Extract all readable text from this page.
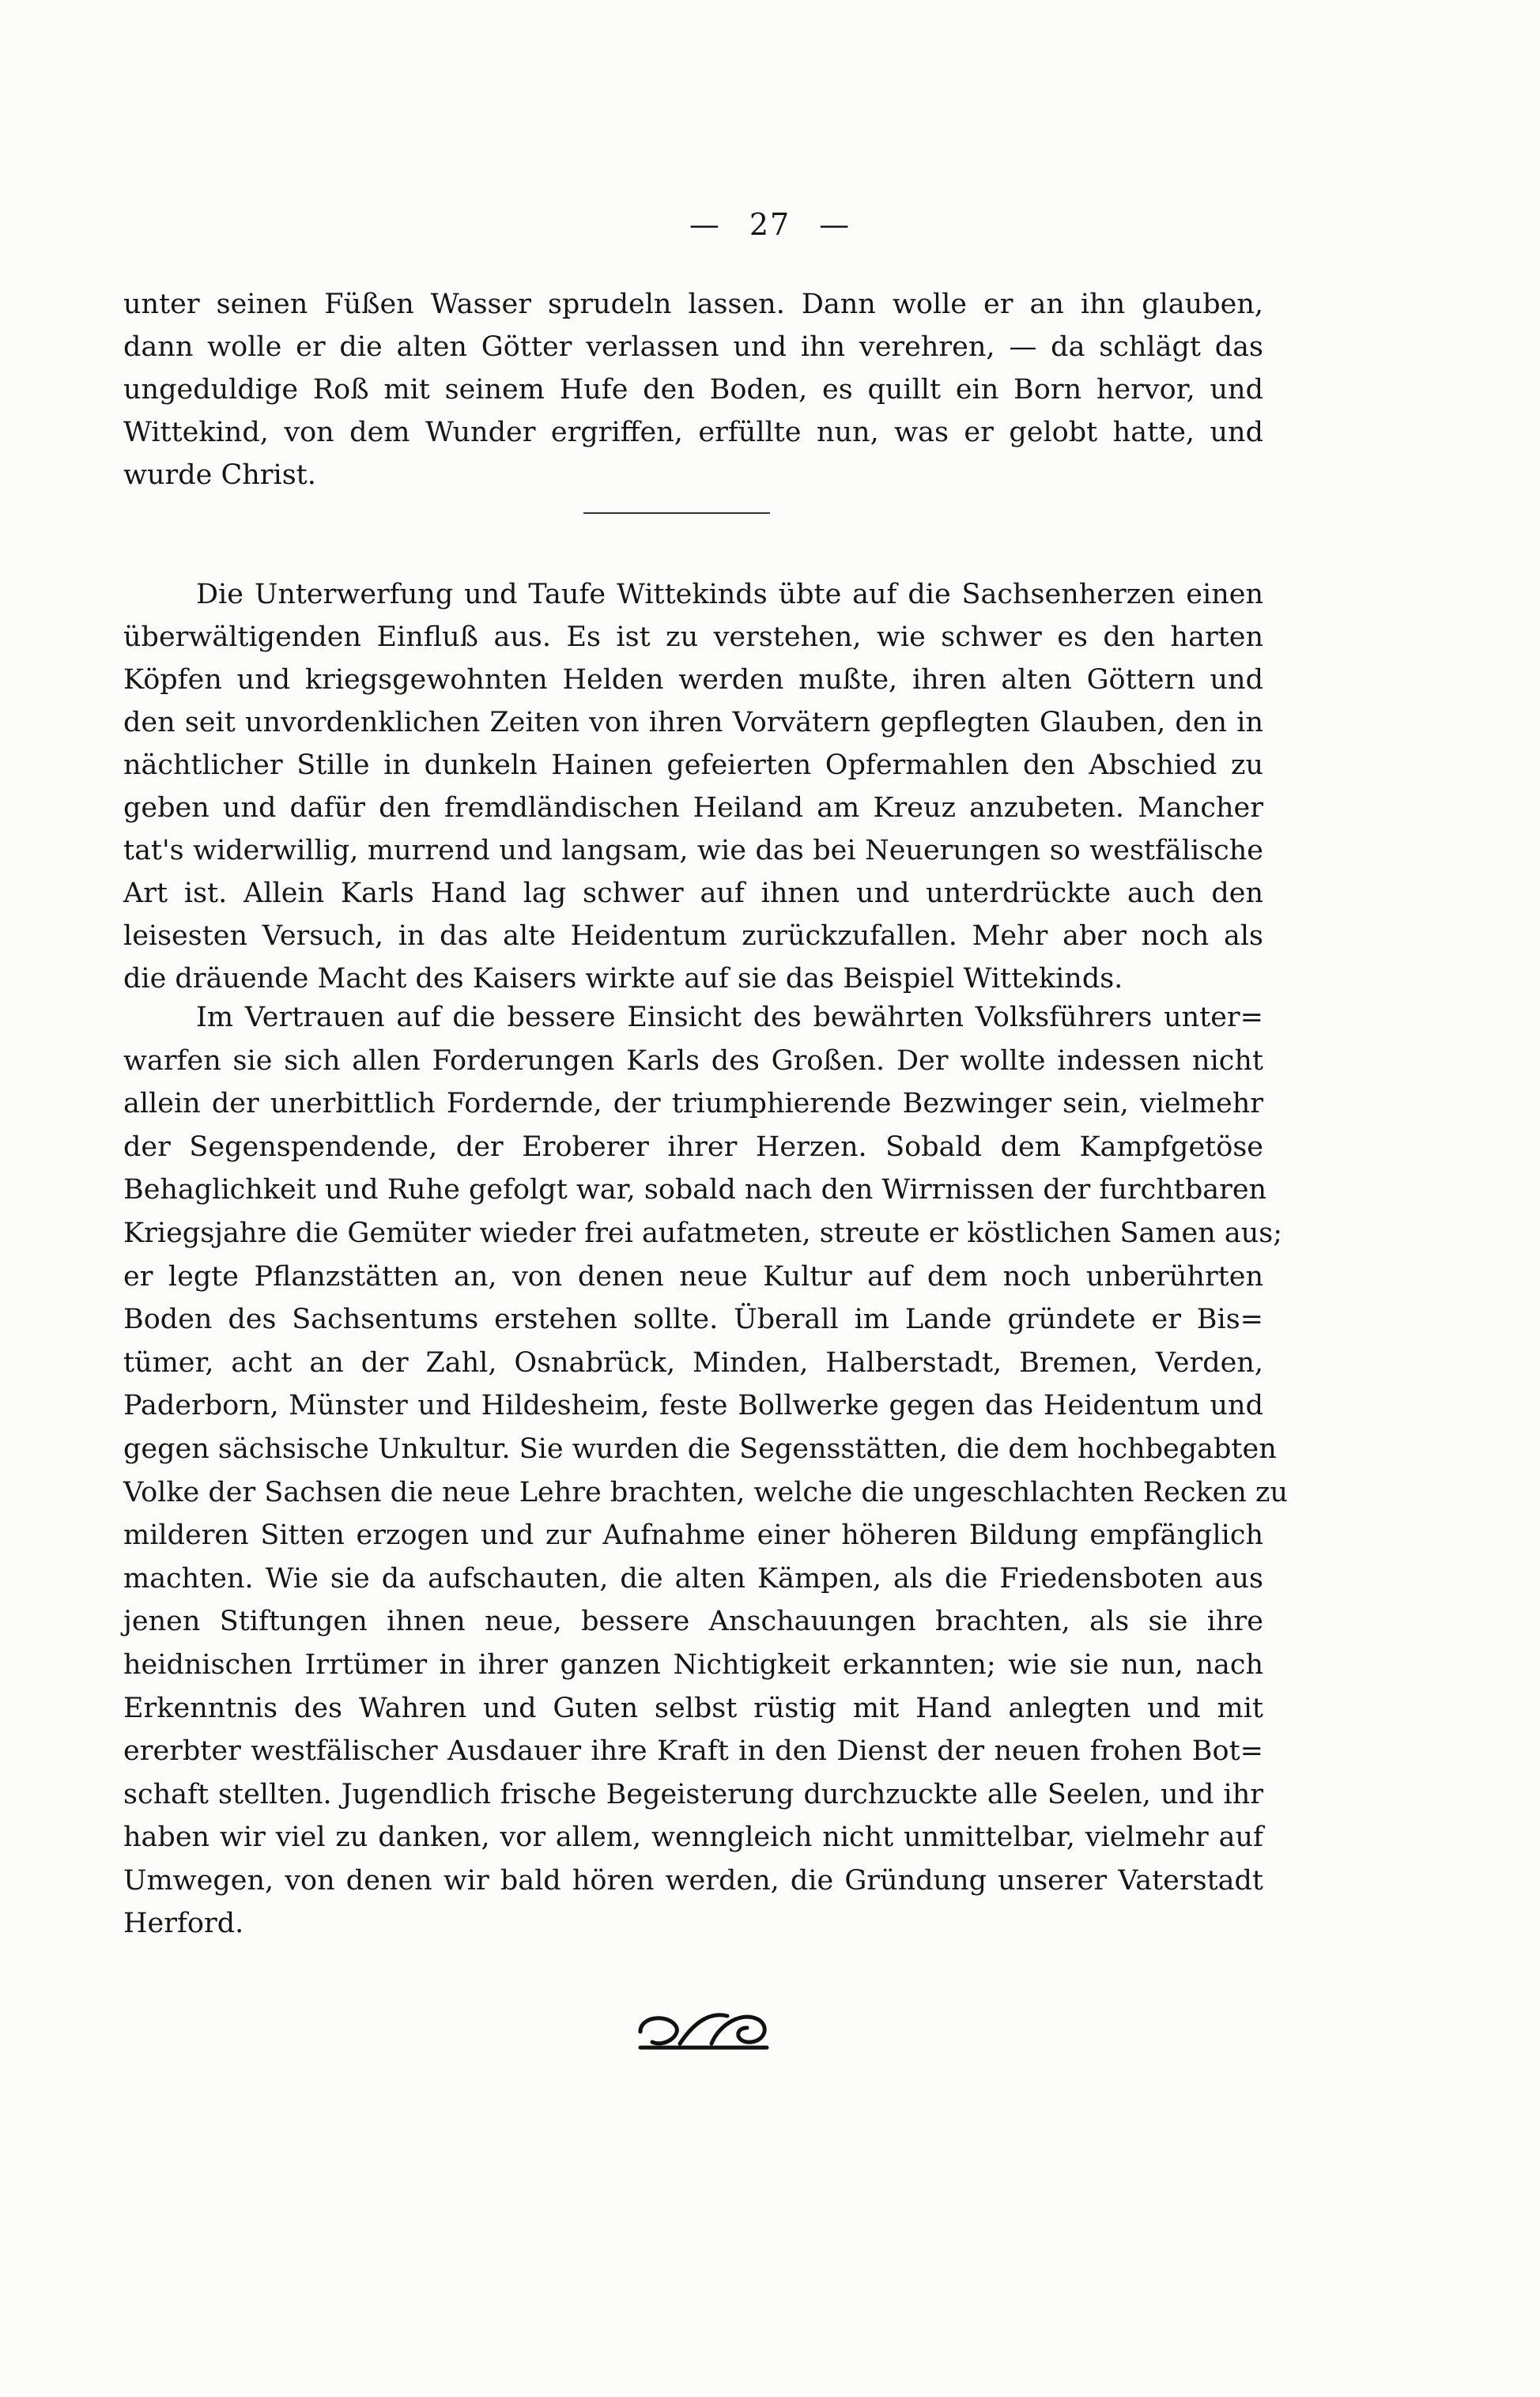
— 27 —
unter seinen Füßen Wasser sprudeln lassen. Dann wolle er an ihn glauben,
dann wolle er die alten Götter verlassen und ihn verehren, — da schlägt das
ungeduldige Roß mit seinem Hufe den Boden, es quillt ein Born hervor, und
Wittekind, von dem Wunder ergriffen, erfüllte nun, was er gelobt hatte, und
wurde Christ.
Die Unterwerfung und Taufe Wittekinds übte auf die Sachsenherzen einen
überwältigenden Einfluß aus. Es ist zu verstehen, wie schwer es den harten
Köpfen und kriegsgewohnten Helden werden mußte, ihren alten Göttern und
den seit unvordenklichen Zeiten von ihren Vorvätern gepflegten Glauben, den in
nächtlicher Stille in dunkeln Hainen gefeierten Opfermahlen den Abschied zu
geben und dafür den fremdländischen Heiland am Kreuz anzubeten. Mancher
tat's widerwillig, murrend und langsam, wie das bei Neuerungen so westfälische
Art ist. Allein Karls Hand lag schwer auf ihnen und unterdrückte auch den
leisesten Versuch, in das alte Heidentum zurückzufallen. Mehr aber noch als
die dräuende Macht des Kaisers wirkte auf sie das Beispiel Wittekinds.
Im Vertrauen auf die bessere Einsicht des bewährten Volksführers unter=
warfen sie sich allen Forderungen Karls des Großen. Der wollte indessen nicht
allein der unerbittlich Fordernde, der triumphierende Bezwinger sein, vielmehr
der Segenspendende, der Eroberer ihrer Herzen. Sobald dem Kampfgetöse
Behaglichkeit und Ruhe gefolgt war, sobald nach den Wirrnissen der furchtbaren
Kriegsjahre die Gemüter wieder frei aufatmeten, streute er köstlichen Samen aus;
er legte Pflanzstätten an, von denen neue Kultur auf dem noch unberührten
Boden des Sachsentums erstehen sollte. Überall im Lande gründete er Bis=
tümer, acht an der Zahl, Osnabrück, Minden, Halberstadt, Bremen, Verden,
Paderborn, Münster und Hildesheim, feste Bollwerke gegen das Heidentum und
gegen sächsische Unkultur. Sie wurden die Segensstätten, die dem hochbegabten
Volke der Sachsen die neue Lehre brachten, welche die ungeschlachten Recken zu
milderen Sitten erzogen und zur Aufnahme einer höheren Bildung empfänglich
machten. Wie sie da aufschauten, die alten Kämpen, als die Friedensboten aus
jenen Stiftungen ihnen neue, bessere Anschauungen brachten, als sie ihre
heidnischen Irrtümer in ihrer ganzen Nichtigkeit erkannten; wie sie nun, nach
Erkenntnis des Wahren und Guten selbst rüstig mit Hand anlegten und mit
ererbter westfälischer Ausdauer ihre Kraft in den Dienst der neuen frohen Bot=
schaft stellten. Jugendlich frische Begeisterung durchzuckte alle Seelen, und ihr
haben wir viel zu danken, vor allem, wenngleich nicht unmittelbar, vielmehr auf
Umwegen, von denen wir bald hören werden, die Gründung unserer Vaterstadt
Herford.
